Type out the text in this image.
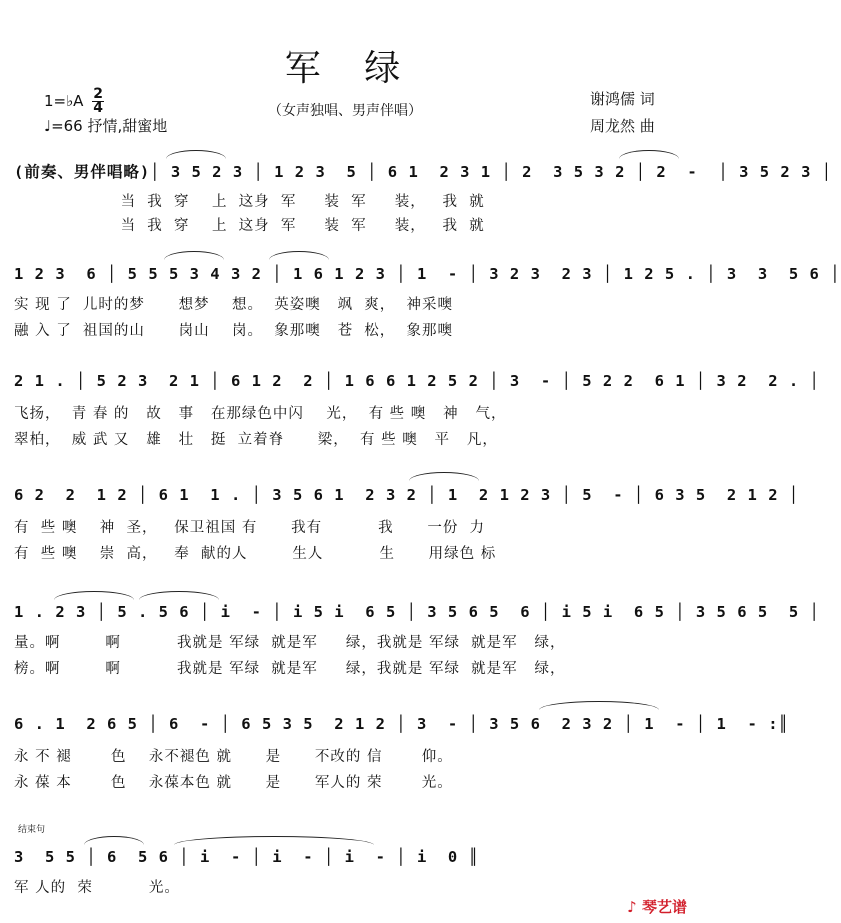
军 绿
1=♭A $\frac{2}{4}$
♩=66 抒情,甜蜜地
（女声独唱、男声伴唱）
谢鸿儒 词
周龙然 曲
(前奏、男伴唱略)│ 3 5 2 3 │ 1 2 3  5 │ 6 1  2 3 1 │ 2  3 5 3 2 │ 2  -  │ 3 5 2 3 │
当  我  穿    上  这身  军     装  军     装，   我  就
当  我  穿    上  这身  军     装  军     装，   我  就
1 2 3  6 │ 5 5 5 3 4 3 2 │ 1 6 1 2 3 │ 1  - │ 3 2 3  2 3 │ 1 2 5 . │ 3  3  5 6 │
实 现 了  儿时的梦      想梦    想。  英姿噢   飒  爽，  神采噢
融 入 了  祖国的山      岗山    岗。  象那噢   苍  松，  象那噢
2 1 . │ 5 2 3  2 1 │ 6 1 2  2 │ 1 6 6 1 2 5 2 │ 3  - │ 5 2 2  6 1 │ 3 2  2 . │
飞扬，  青 春 的   故   事   在那绿色中闪    光，  有 些 噢   神   气，
翠柏，  威 武 又   雄   壮   挺  立着脊      梁，  有 些 噢   平   凡，
6 2  2  1 2 │ 6 1  1 . │ 3 5 6 1  2 3 2 │ 1  2 1 2 3 │ 5  - │ 6 3 5  2 1 2 │
有  些 噢    神  圣，   保卫祖国 有      我有          我      一份  力
有  些 噢    崇  高，   奉  献的人        生人          生      用绿色 标
1 . 2 3 │ 5 . 5 6 │ i  - │ i 5 i  6 5 │ 3 5 6 5  6 │ i 5 i  6 5 │ 3 5 6 5  5 │
量。啊        啊          我就是 军绿  就是军     绿，我就是 军绿  就是军   绿，
榜。啊        啊          我就是 军绿  就是军     绿，我就是 军绿  就是军   绿，
6 . 1  2 6 5 │ 6  - │ 6 5 3 5  2 1 2 │ 3  - │ 3 5 6  2 3 2 │ 1  - │ 1  - :║
永 不 褪       色    永不褪色 就      是      不改的 信       仰。
永 葆 本       色    永葆本色 就      是      军人的 荣       光。
结束句
3  5 5 │ 6  5 6 │ i  - │ i  - │ i  - │ i  0 ║
军 人的  荣          光。
♪ 琴艺谱
